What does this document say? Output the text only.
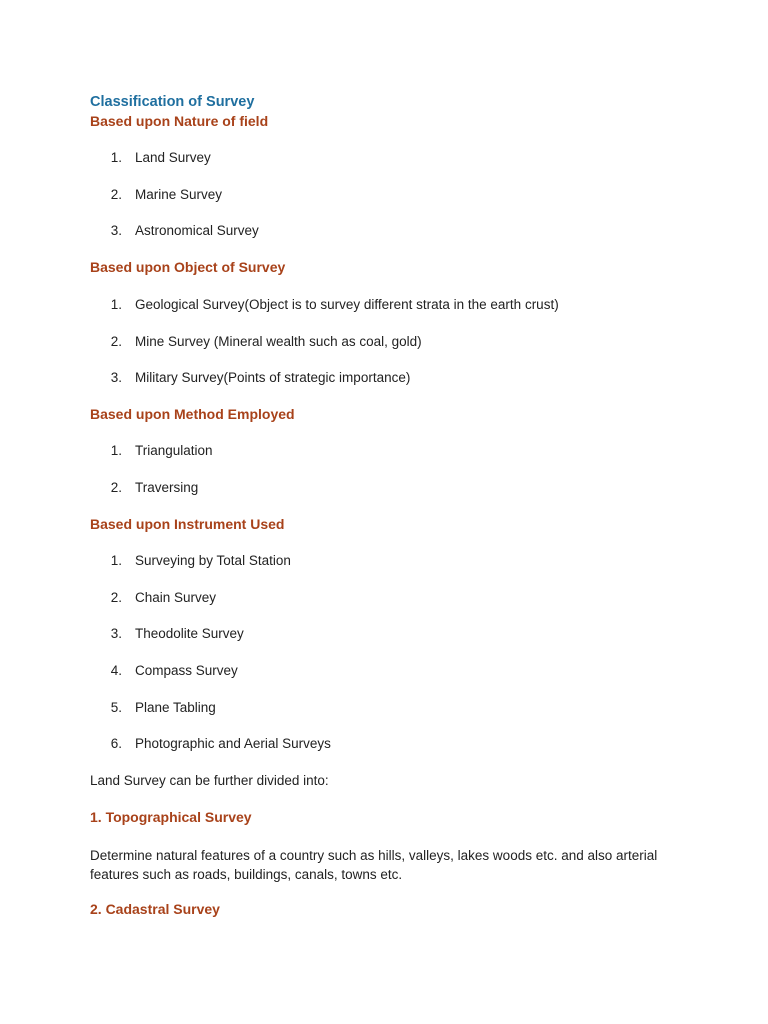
Classification of Survey
Based upon Nature of field
1. Land Survey
2. Marine Survey
3. Astronomical Survey
Based upon Object of Survey
1. Geological Survey(Object is to survey different strata in the earth crust)
2. Mine Survey (Mineral wealth such as coal, gold)
3. Military Survey(Points of strategic importance)
Based upon Method Employed
1. Triangulation
2. Traversing
Based upon Instrument Used
1. Surveying by Total Station
2. Chain Survey
3. Theodolite Survey
4. Compass Survey
5. Plane Tabling
6. Photographic and Aerial Surveys
Land Survey can be further divided into:
1. Topographical Survey
Determine natural features of a country such as hills, valleys, lakes woods etc. and also arterial features such as roads, buildings, canals, towns etc.
2. Cadastral Survey
